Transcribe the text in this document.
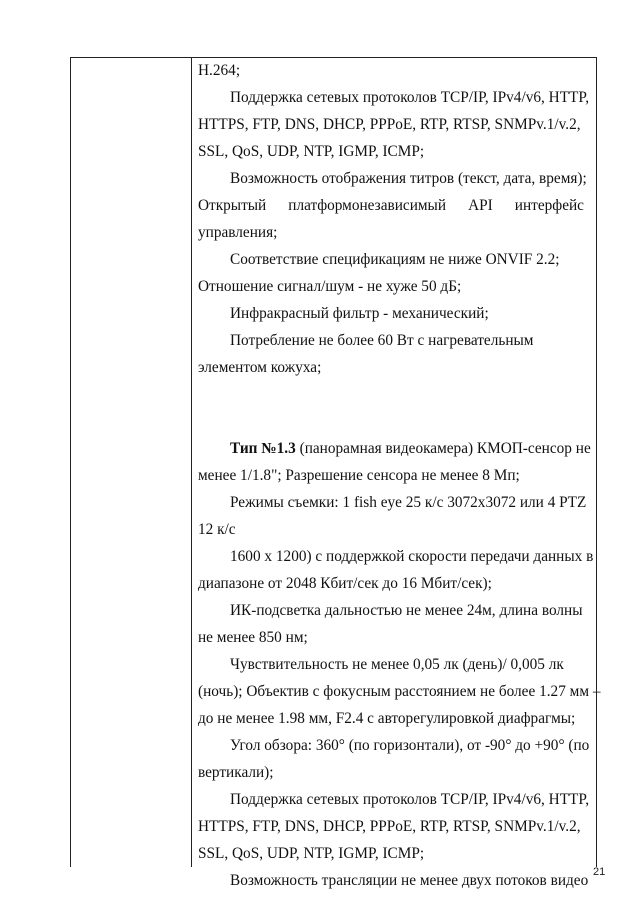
H.264;
Поддержка сетевых протоколов TCP/IP, IPv4/v6, HTTP,
HTTPS, FTP, DNS, DHCP, PPPoE, RTP, RTSP, SNMPv.1/v.2,
SSL, QoS, UDP, NTP, IGMP, ICMP;
Возможность отображения титров (текст, дата, время);
Открытый платформонезависимый API интерфейс
управления;
Соответствие спецификациям не ниже ONVIF 2.2;
Отношение сигнал/шум - не хуже 50 дБ;
Инфракрасный фильтр - механический;
Потребление не более 60 Вт с нагревательным
элементом кожуха;
Тип №1.3 (панорамная видеокамера) КМОП-сенсор не
менее 1/1.8"; Разрешение сенсора не менее 8 Мп;
Режимы съемки: 1 fish eye 25 к/с 3072х3072 или 4 PTZ
12 к/с
1600 х 1200) с поддержкой скорости передачи данных в
диапазоне от 2048 Кбит/сек до 16 Мбит/сек);
ИК-подсветка дальностью не менее 24м, длина волны
не менее 850 нм;
Чувствительность не менее 0,05 лк (день)/ 0,005 лк
(ночь); Объектив с фокусным расстоянием не более 1.27 мм –
до не менее 1.98 мм, F2.4 с авторегулировкой диафрагмы;
Угол обзора: 360° (по горизонтали), от -90° до +90° (по
вертикали);
Поддержка сетевых протоколов TCP/IP, IPv4/v6, HTTP,
HTTPS, FTP, DNS, DHCP, PPPoE, RTP, RTSP, SNMPv.1/v.2,
SSL, QoS, UDP, NTP, IGMP, ICMP;
Возможность трансляции не менее двух потоков видео 21
